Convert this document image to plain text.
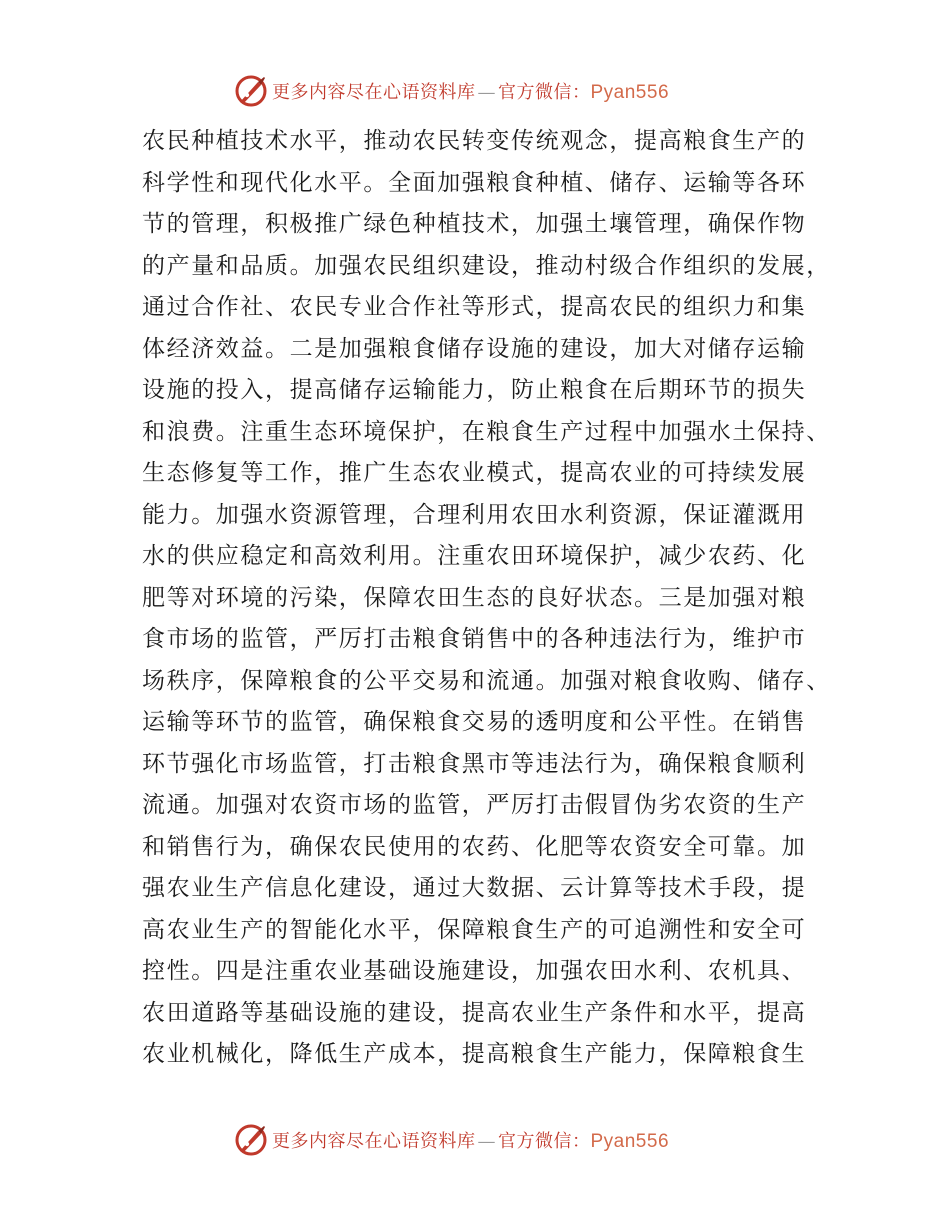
更多内容尽在心语资料库 — 官方微信：Pyan556
农民种植技术水平，推动农民转变传统观念，提高粮食生产的
科学性和现代化水平。全面加强粮食种植、储存、运输等各环
节的管理，积极推广绿色种植技术，加强土壤管理，确保作物
的产量和品质。加强农民组织建设，推动村级合作组织的发展，
通过合作社、农民专业合作社等形式，提高农民的组织力和集
体经济效益。二是加强粮食储存设施的建设，加大对储存运输
设施的投入，提高储存运输能力，防止粮食在后期环节的损失
和浪费。注重生态环境保护，在粮食生产过程中加强水土保持、
生态修复等工作，推广生态农业模式，提高农业的可持续发展
能力。加强水资源管理，合理利用农田水利资源，保证灌溉用
水的供应稳定和高效利用。注重农田环境保护，减少农药、化
肥等对环境的污染，保障农田生态的良好状态。三是加强对粮
食市场的监管，严厉打击粮食销售中的各种违法行为，维护市
场秩序，保障粮食的公平交易和流通。加强对粮食收购、储存、
运输等环节的监管，确保粮食交易的透明度和公平性。在销售
环节强化市场监管，打击粮食黑市等违法行为，确保粮食顺利
流通。加强对农资市场的监管，严厉打击假冒伪劣农资的生产
和销售行为，确保农民使用的农药、化肥等农资安全可靠。加
强农业生产信息化建设，通过大数据、云计算等技术手段，提
高农业生产的智能化水平，保障粮食生产的可追溯性和安全可
控性。四是注重农业基础设施建设，加强农田水利、农机具、
农田道路等基础设施的建设，提高农业生产条件和水平，提高
农业机械化，降低生产成本，提高粮食生产能力，保障粮食生
更多内容尽在心语资料库 — 官方微信：Pyan556
